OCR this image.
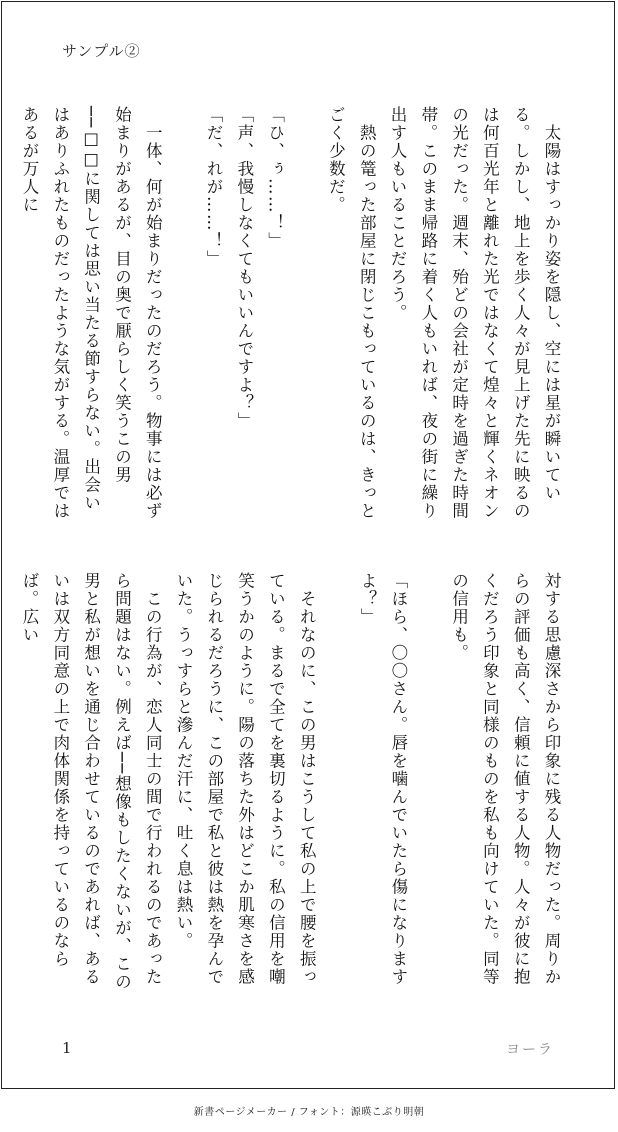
サンプル②

　太陽はすっかり姿を隠し、空には星が瞬いている。しかし、地上を歩く人々が見上げた先に映るのは何百光年と離れた光ではなくて煌々と輝くネオンの光だった。週末、殆どの会社が定時を過ぎた時間帯。このまま帰路に着く人もいれば、夜の街に繰り出す人もいることだろう。

　熱の篭った部屋に閉じこもっているのは、きっとごく少数だ。

「ひ、ぅ……！」

「声、我慢しなくてもいいんですよ？」

「だ、れが……！」

　一体、何が始まりだったのだろう。物事には必ず始まりがあるが、目の奥で厭らしく笑うこの男──□□に関しては思い当たる節すらない。出会いはありふれたものだったような気がする。温厚ではあるが万人に

対する思慮深さから印象に残る人物だった。周りからの評価も高く、信頼に値する人物。人々が彼に抱くだろう印象と同様のものを私も向けていた。同等の信用も。

「ほら、〇〇さん。唇を噛んでいたら傷になりますよ？」

　それなのに、この男はこうして私の上で腰を振っている。まるで全てを裏切るように。私の信用を嘲笑うかのように。陽の落ちた外はどこか肌寒さを感じられるだろうに、この部屋で私と彼は熱を孕んでいた。うっすらと滲んだ汗に、吐く息は熱い。

　この行為が、恋人同士の間で行われるのであったら問題はない。例えば──想像もしたくないが、この男と私が想いを通じ合わせているのであれば、あるいは双方同意の上で肉体関係を持っているのならば。広い

1	ヨーラ
新書ページメーカー / フォント：源暎こぶり明朝
